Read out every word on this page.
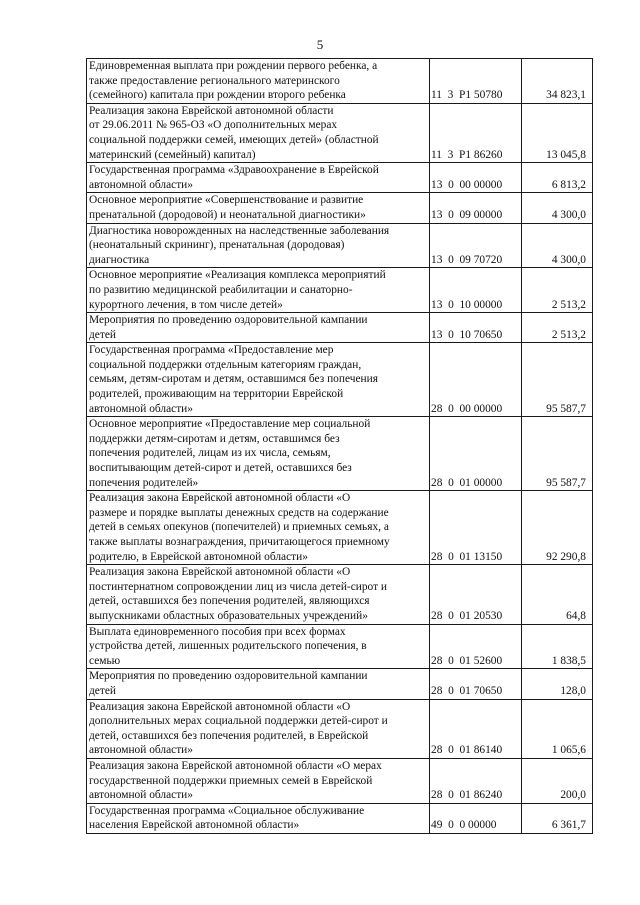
5
Единовременная выплата при рождении первого ребенка, а
также предоставление регионального материнского
(семейного) капитала при рождении второго ребенка	11  3  Р1 50780	34 823,1

Реализация закона Еврейской автономной области
от 29.06.2011 № 965-ОЗ «О дополнительных мерах
социальной поддержки семей, имеющих детей» (областной
материнский (семейный) капитал)	11  3  Р1 86260	13 045,8

Государственная программа «Здравоохранение в Еврейской
автономной области»	13  0  00 00000	6 813,2

Основное мероприятие «Совершенствование и развитие
пренатальной (дородовой) и неонатальной диагностики»	13  0  09 00000	4 300,0

Диагностика новорожденных на наследственные заболевания
(неонатальный скрининг), пренатальная (дородовая)
диагностика	13  0  09 70720	4 300,0

Основное мероприятие «Реализация комплекса мероприятий
по развитию медицинской реабилитации и санаторно-
курортного лечения, в том числе детей»	13  0  10 00000	2 513,2

Мероприятия по проведению оздоровительной кампании
детей	13  0  10 70650	2 513,2

Государственная программа «Предоставление мер
социальной поддержки отдельным категориям граждан,
семьям, детям-сиротам и детям, оставшимся без попечения
родителей, проживающим на территории Еврейской
автономной области»	28  0  00 00000	95 587,7

Основное мероприятие «Предоставление мер социальной
поддержки детям-сиротам и детям, оставшимся без
попечения родителей, лицам из их числа, семьям,
воспитывающим детей-сирот и детей, оставшихся без
попечения родителей»	28  0  01 00000	95 587,7

Реализация закона Еврейской автономной области «О
размере и порядке выплаты денежных средств на содержание
детей в семьях опекунов (попечителей) и приемных семьях, а
также выплаты вознаграждения, причитающегося приемному
родителю, в Еврейской автономной области»	28  0  01 13150	92 290,8

Реализация закона Еврейской автономной области «О
постинтернатном сопровождении лиц из числа детей-сирот и
детей, оставшихся без попечения родителей, являющихся
выпускниками областных образовательных учреждений»	28  0  01 20530	64,8

Выплата единовременного пособия при всех формах
устройства детей, лишенных родительского попечения, в
семью	28  0  01 52600	1 838,5

Мероприятия по проведению оздоровительной кампании
детей	28  0  01 70650	128,0

Реализация закона Еврейской автономной области «О
дополнительных мерах социальной поддержки детей-сирот и
детей, оставшихся без попечения родителей, в Еврейской
автономной области»	28  0  01 86140	1 065,6

Реализация закона Еврейской автономной области «О мерах
государственной поддержки приемных семей в Еврейской
автономной области»	28  0  01 86240	200,0

Государственная программа «Социальное обслуживание
населения Еврейской автономной области»	49  0  0 00000	6 361,7
